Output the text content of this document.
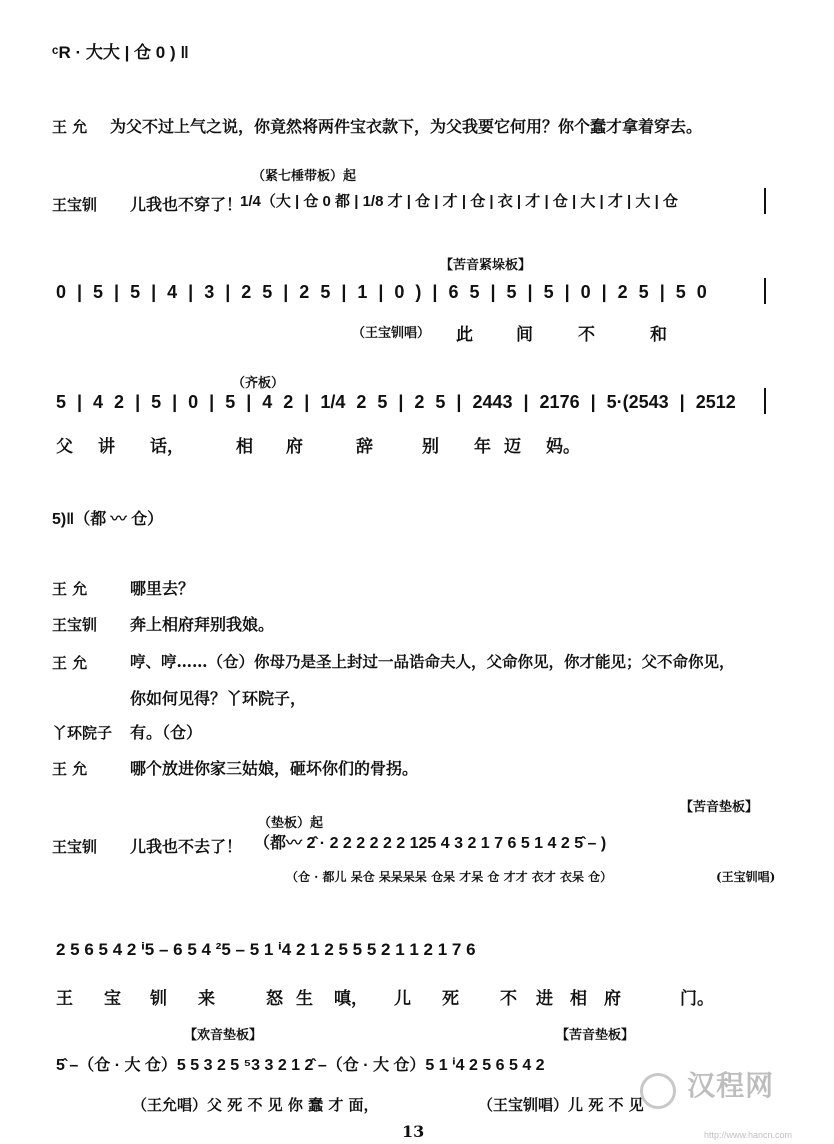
ᶜR · 大大 | 仓 0 ) ‖
王 允 为父不过上气之说，你竟然将两件宝衣款下，为父我要它何用？你个蠢才拿着穿去。
（紧七棰带板）起
王宝钏 儿我也不穿了！
1/4（大 | 仓 0 都 | 1/8 才 | 仓 | 才 | 仓 | 衣 | 才 | 仓 | 大 | 才 | 大 | 仓
【苦音紧垛板】
0 | 5 | 5 | 4 | 3 | 2 5 | 2 5 | 1 | 0 ) | 6 5 | 5 | 5 | 0 | 2 5 | 5 0
（王宝钏唱） 此	间	不	和
（齐板）
5 | 4 2 | 5 | 0 | 5 | 4 2 | 1/4 2 5 | 2 5 | 2443 | 2176 | 5·(2543 | 2512
父 讲 话，	相 府	辞	别 年 迈 妈。
5)‖（都 〰 仓）
王 允	哪里去？
王宝钏 奔上相府拜别我娘。
王 允	哼、哼……（仓）你母乃是圣上封过一品诰命夫人，父命你见，你才能见；父不命你见，
你如何见得？丫环院子，
丫环院子 有。（仓）
王 允	哪个放进你家三姑娘，砸坏你们的骨拐。
【苦音垫板】
（垫板）起
王宝钏 儿我也不去了！ （都〰 2̂ · 2 2 2 2 2 2 125 4 3 2 1 7 6 5 1 4 2 5̂ – )
（仓 · 都儿 呆仓 呆呆呆呆 仓呆 才呆 仓 才才 衣才 衣呆 仓）	(王宝钏唱)
2 5 6 5 4 2 ⁱ5 – 6 5 4 ²5 – 5 1 ⁱ4 2 1 2 5 5 5 2 1 1 2 1 7 6
王 宝 钏 来	怒 生 嗔， 儿 死 不 进 相 府	门。
【欢音垫板】	【苦音垫板】
5̂ –（仓 · 大 仓）5 5 3 2 5 ⁵3 3 2 1 2̂ –（仓 · 大 仓）5 1 ⁱ4 2 5 6 5 4 2
（王允唱）父 死 不 见 你 蠢 才 面，	（王宝钏唱）儿 死 不 见
13
汉程网
http://www.hancn.com
